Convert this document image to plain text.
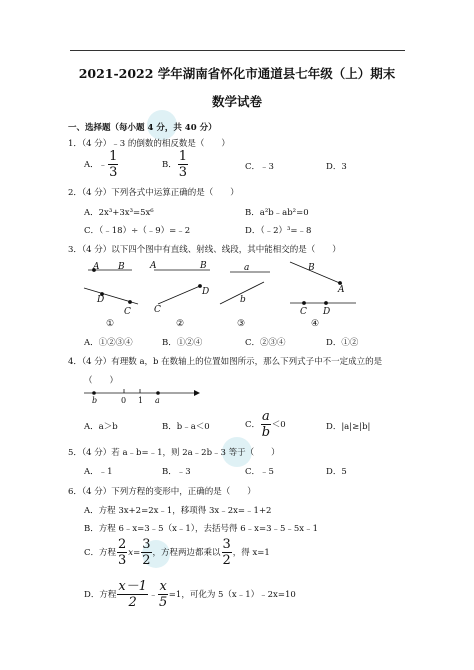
2021-2022 学年湖南省怀化市通道县七年级（上）期末
数学试卷
一、选择题（每小题 4 分，共 40 分）
1．（4 分）﹣3 的倒数的相反数是（　　）
A．﹣ $\frac{1}{3}$	B． $\frac{1}{3}$	C．﹣3	D．3
2．（4 分）下列各式中运算正确的是（　　）
A．2x³+3x³=5x⁶	B．a²b﹣ab²=0
C．（﹣18）÷（﹣9）=﹣2	D．（﹣2）³=﹣8
3．（4 分）以下四个图中有直线、射线、线段，其中能相交的是（　　）
A B
D
C
A	B
D
C
a
b
B
A
C D
①	②	③	④
A．①②③④	B．①②④	C．②③④	D．①②
4．（4 分）有理数 a，b 在数轴上的位置如图所示，那么下列式子中不一定成立的是
（　　）
b	0 1 a
A．a＞b	B．b﹣a＜0	C． $\frac{a}{b} <0$	D．|a|≥|b|
5．（4 分）若 a﹣b=﹣1，则 2a﹣2b﹣3 等于（　　）
A．﹣1	B．﹣3	C．﹣5	D．5
6．（4 分）下列方程的变形中，正确的是（　　）
A．方程 3x+2=2x﹣1，移项得 3x﹣2x=﹣1+2
B．方程 6﹣x=3﹣5（x﹣1），去括号得 6﹣x=3﹣5﹣5x﹣1
C．方程 $\frac{2}{3} x= \frac{3}{2}$ ，方程两边都乘以 $\frac{3}{2}$ ，得 x=1
D．方程 $\frac{x-1}{2}$ ﹣ $\frac{x}{5} =1$，可化为 5（x﹣1）﹣2x=10
